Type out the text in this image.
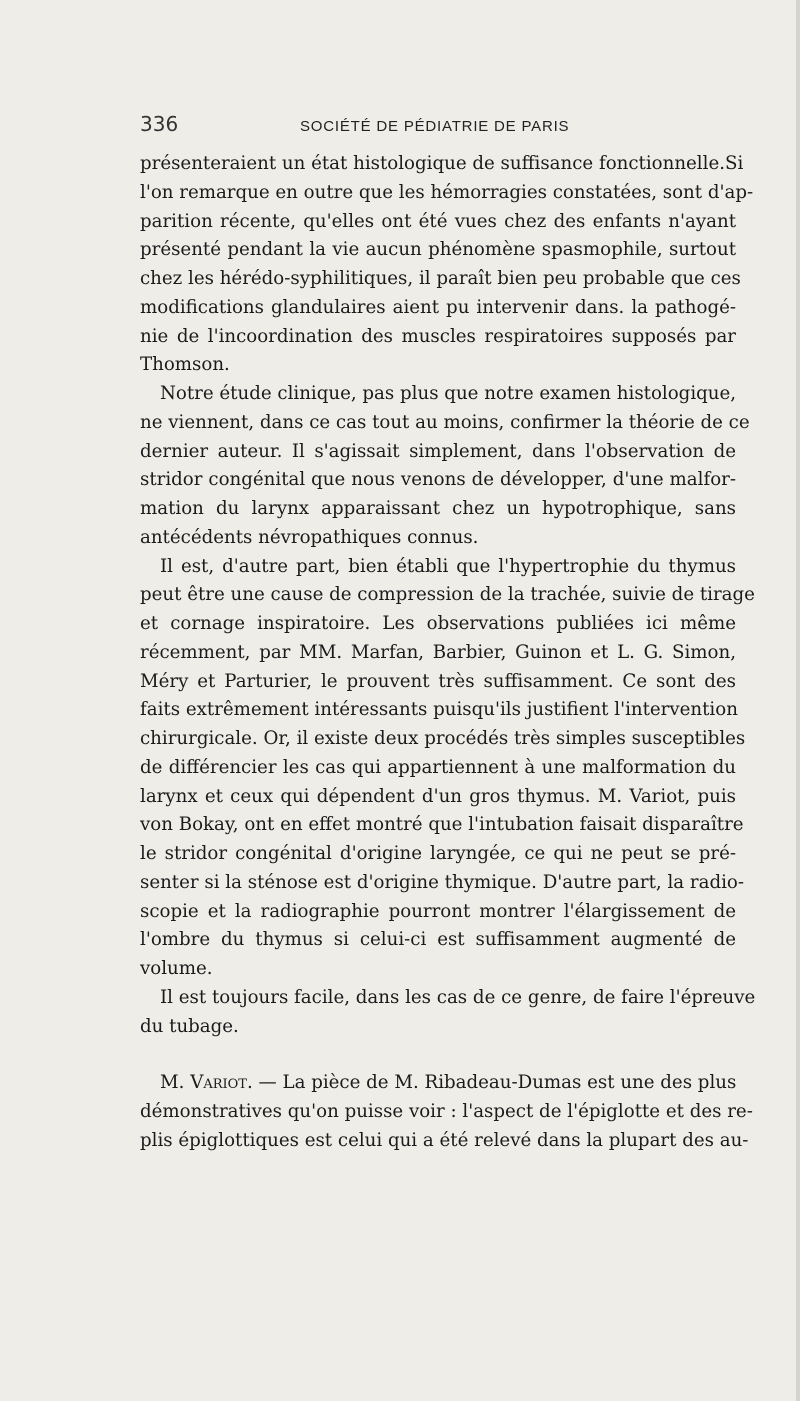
336	SOCIÉTÉ DE PÉDIATRIE DE PARIS
présenteraient un état histologique de suffisance fonctionnelle.Si
l'on remarque en outre que les hémorragies constatées, sont d'ap-
parition récente, qu'elles ont été vues chez des enfants n'ayant
présenté pendant la vie aucun phénomène spasmophile, surtout
chez les hérédo-syphilitiques, il paraît bien peu probable que ces
modifications glandulaires aient pu intervenir dans. la pathogé-
nie de l'incoordination des muscles respiratoires supposés par
Thomson.
Notre étude clinique, pas plus que notre examen histologique,
ne viennent, dans ce cas tout au moins, confirmer la théorie de ce
dernier auteur. Il s'agissait simplement, dans l'observation de
stridor congénital que nous venons de développer, d'une malfor-
mation du larynx apparaissant chez un hypotrophique, sans
antécédents névropathiques connus.
Il est, d'autre part, bien établi que l'hypertrophie du thymus
peut être une cause de compression de la trachée, suivie de tirage
et cornage inspiratoire. Les observations publiées ici même
récemment, par MM. Marfan, Barbier, Guinon et L. G. Simon,
Méry et Parturier, le prouvent très suffisamment. Ce sont des
faits extrêmement intéressants puisqu'ils justifient l'intervention
chirurgicale. Or, il existe deux procédés très simples susceptibles
de différencier les cas qui appartiennent à une malformation du
larynx et ceux qui dépendent d'un gros thymus. M. Variot, puis
von Bokay, ont en effet montré que l'intubation faisait disparaître
le stridor congénital d'origine laryngée, ce qui ne peut se pré-
senter si la sténose est d'origine thymique. D'autre part, la radio-
scopie et la radiographie pourront montrer l'élargissement de
l'ombre du thymus si celui-ci est suffisamment augmenté de
volume.
Il est toujours facile, dans les cas de ce genre, de faire l'épreuve
du tubage.
M. Variot. — La pièce de M. Ribadeau-Dumas est une des plus
démonstratives qu'on puisse voir : l'aspect de l'épiglotte et des re-
plis épiglottiques est celui qui a été relevé dans la plupart des au-
